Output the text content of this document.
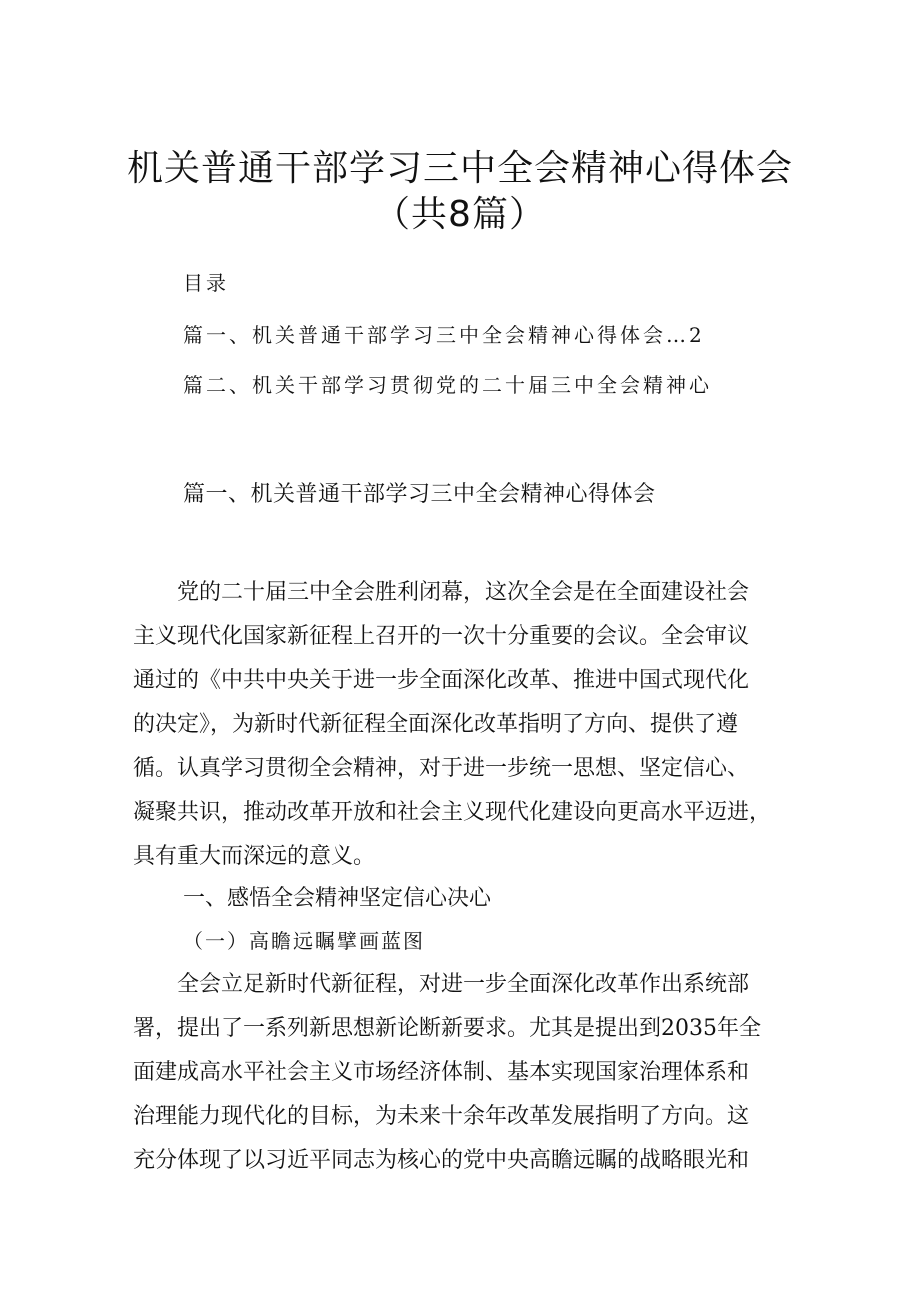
机关普通干部学习三中全会精神心得体会
（共8篇）
目录
篇一、机关普通干部学习三中全会精神心得体会…2
篇二、机关干部学习贯彻党的二十届三中全会精神心
篇一、机关普通干部学习三中全会精神心得体会
　　党的二十届三中全会胜利闭幕，这次全会是在全面建设社会
主义现代化国家新征程上召开的一次十分重要的会议。全会审议
通过的《中共中央关于进一步全面深化改革、推进中国式现代化
的决定》，为新时代新征程全面深化改革指明了方向、提供了遵
循。认真学习贯彻全会精神，对于进一步统一思想、坚定信心、
凝聚共识，推动改革开放和社会主义现代化建设向更高水平迈进，
具有重大而深远的意义。
一、感悟全会精神坚定信心决心
（一）高瞻远瞩擘画蓝图
　　全会立足新时代新征程，对进一步全面深化改革作出系统部
署，提出了一系列新思想新论断新要求。尤其是提出到2035年全
面建成高水平社会主义市场经济体制、基本实现国家治理体系和
治理能力现代化的目标，为未来十余年改革发展指明了方向。这
充分体现了以习近平同志为核心的党中央高瞻远瞩的战略眼光和
